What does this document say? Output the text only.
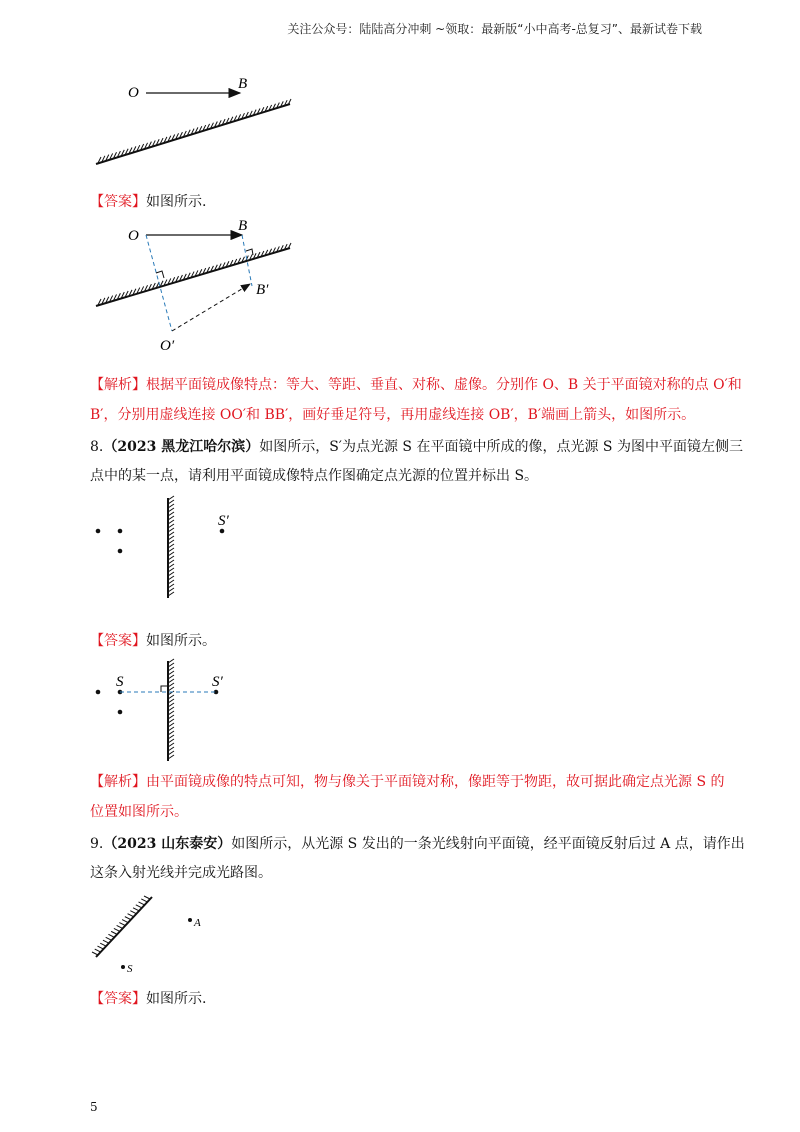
关注公众号：陆陆高分冲刺 ~领取：最新版“小中高考-总复习”、最新试卷下载
O
B
【答案】如图所示.
O
B
B′
O′
【解析】根据平面镜成像特点：等大、等距、垂直、对称、虚像。分别作 O、B 关于平面镜对称的点 O′和
B′，分别用虚线连接 OO′和 BB′，画好垂足符号，再用虚线连接 OB′，B′端画上箭头，如图所示。
8.（2023 黑龙江哈尔滨）如图所示，S′为点光源 S 在平面镜中所成的像，点光源 S 为图中平面镜左侧三
点中的某一点，请利用平面镜成像特点作图确定点光源的位置并标出 S。
S′
【答案】如图所示。
S	S′
【解析】由平面镜成像的特点可知，物与像关于平面镜对称，像距等于物距，故可据此确定点光源 S 的
位置如图所示。
9.（2023 山东泰安）如图所示，从光源 S 发出的一条光线射向平面镜，经平面镜反射后过 A 点，请作出
这条入射光线并完成光路图。
A
S
【答案】如图所示.
5
